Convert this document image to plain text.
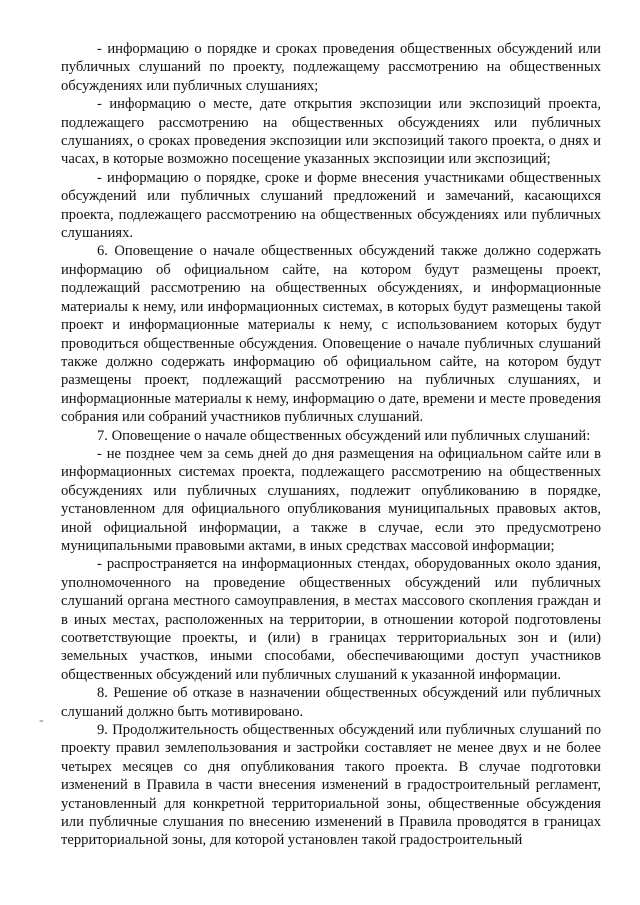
- информацию о порядке и сроках проведения общественных обсуждений или публичных слушаний по проекту, подлежащему рассмотрению на общественных обсуждениях или публичных слушаниях;

- информацию о месте, дате открытия экспозиции или экспозиций проекта, подлежащего рассмотрению на общественных обсуждениях или публичных слушаниях, о сроках проведения экспозиции или экспозиций такого проекта, о днях и часах, в которые возможно посещение указанных экспозиции или экспозиций;

- информацию о порядке, сроке и форме внесения участниками общественных обсуждений или публичных слушаний предложений и замечаний, касающихся проекта, подлежащего рассмотрению на общественных обсуждениях или публичных слушаниях.

6. Оповещение о начале общественных обсуждений также должно содержать информацию об официальном сайте, на котором будут размещены проект, подлежащий рассмотрению на общественных обсуждениях, и информационные материалы к нему, или информационных системах, в которых будут размещены такой проект и информационные материалы к нему, с использованием которых будут проводиться общественные обсуждения. Оповещение о начале публичных слушаний также должно содержать информацию об официальном сайте, на котором будут размещены проект, подлежащий рассмотрению на публичных слушаниях, и информационные материалы к нему, информацию о дате, времени и месте проведения собрания или собраний участников публичных слушаний.

7. Оповещение о начале общественных обсуждений или публичных слушаний:

- не позднее чем за семь дней до дня размещения на официальном сайте или в информационных системах проекта, подлежащего рассмотрению на общественных обсуждениях или публичных слушаниях, подлежит опубликованию в порядке, установленном для официального опубликования муниципальных правовых актов, иной официальной информации, а также в случае, если это предусмотрено муниципальными правовыми актами, в иных средствах массовой информации;

- распространяется на информационных стендах, оборудованных около здания, уполномоченного на проведение общественных обсуждений или публичных слушаний органа местного самоуправления, в местах массового скопления граждан и в иных местах, расположенных на территории, в отношении которой подготовлены соответствующие проекты, и (или) в границах территориальных зон и (или) земельных участков, иными способами, обеспечивающими доступ участников общественных обсуждений или публичных слушаний к указанной информации.

8. Решение об отказе в назначении общественных обсуждений или публичных слушаний должно быть мотивировано.

9. Продолжительность общественных обсуждений или публичных слушаний по проекту правил землепользования и застройки составляет не менее двух и не более четырех месяцев со дня опубликования такого проекта. В случае подготовки изменений в Правила в части внесения изменений в градостроительный регламент, установленный для конкретной территориальной зоны, общественные обсуждения или публичные слушания по внесению изменений в Правила проводятся в границах территориальной зоны, для которой установлен такой градостроительный

-
